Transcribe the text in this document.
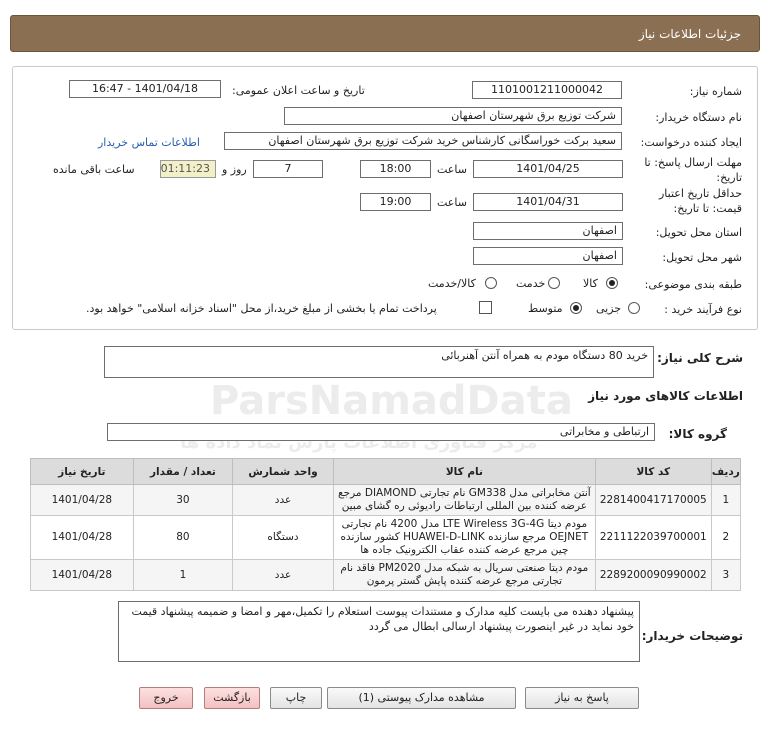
جزئیات اطلاعات نیاز
ParsNamadData
مرکز فناوری اطلاعات پارس نماد داده ها
شماره نیاز:
1101001211000042
تاریخ و ساعت اعلان عمومی:
1401/04/18 - 16:47
نام دستگاه خریدار:
شرکت توزیع برق شهرستان اصفهان
ایجاد کننده درخواست:
سعید برکت خوراسگانی کارشناس خرید شرکت توزیع برق شهرستان اصفهان
اطلاعات تماس خریدار
مهلت ارسال پاسخ: تا
تاریخ:
1401/04/25
ساعت
18:00
7
روز و
01:11:23
ساعت باقی مانده
حداقل تاریخ اعتبار
قیمت: تا تاریخ:
1401/04/31
ساعت
19:00
استان محل تحویل:
اصفهان
شهر محل تحویل:
اصفهان
طبقه بندی موضوعی:
کالا
خدمت
کالا/خدمت
نوع فرآیند خرید :
جزیی
متوسط
پرداخت تمام یا بخشی از مبلغ خرید،از محل "اسناد خزانه اسلامی" خواهد بود.
شرح کلی نیاز:
خرید 80 دستگاه مودم به همراه آنتن آهنربائی
اطلاعات کالاهای مورد نیاز
گروه کالا:
ارتباطی و مخابراتی
ردیف	کد کالا	نام کالا	واحد شمارش	تعداد / مقدار	تاریخ نیاز
1	2281400417170005	آنتن مخابراتی مدل GM338 نام تجارتی DIAMOND مرجع عرضه کننده بین المللی ارتباطات رادیوئی ره گشای مبین	عدد	30	1401/04/28
2	2211122039700001	مودم دیتا LTE Wireless 3G-4G مدل 4200 نام تجارتی OEJNET مرجع سازنده HUAWEI-D-LINK کشور سازنده چین مرجع عرضه کننده عقاب الکترونیک جاده ها	دستگاه	80	1401/04/28
3	2289200090990002	مودم دیتا صنعتی سریال به شبکه مدل PM2020 فاقد نام تجارتی مرجع عرضه کننده پایش گستر پرمون	عدد	1	1401/04/28
توضیحات خریدار:
پیشنهاد دهنده می بایست کلیه مدارک و مستندات پیوست استعلام را تکمیل،مهر و امضا و ضمیمه پیشنهاد قیمت خود نماید در غیر اینصورت پیشنهاد ارسالی ابطال می گردد
پاسخ به نیاز
مشاهده مدارک پیوستی (1)
چاپ
بازگشت
خروج
